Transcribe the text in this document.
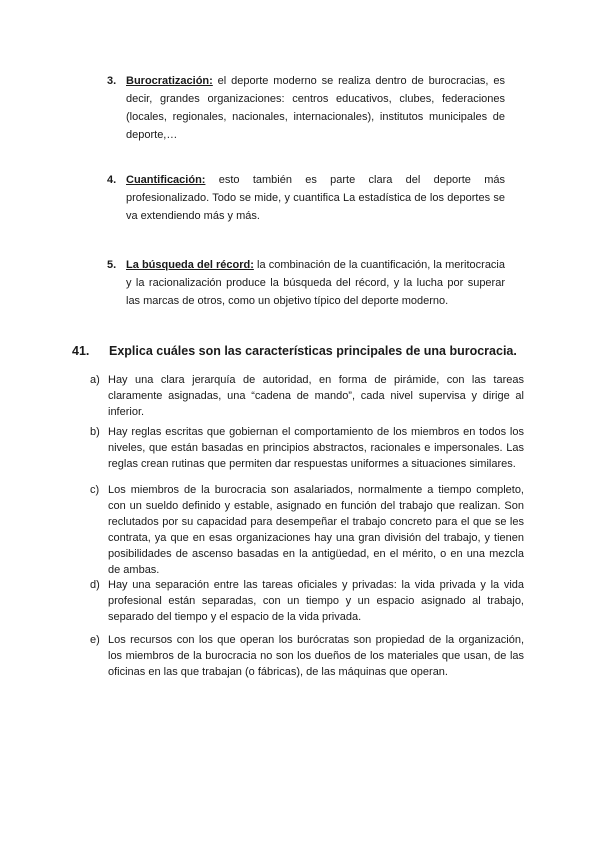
3. Burocratización: el deporte moderno se realiza dentro de burocracias, es decir, grandes organizaciones: centros educativos, clubes, federaciones (locales, regionales, nacionales, internacionales), institutos municipales de deporte,…
4. Cuantificación: esto también es parte clara del deporte más profesionalizado. Todo se mide, y cuantifica La estadística de los deportes se va extendiendo más y más.
5. La búsqueda del récord: la combinación de la cuantificación, la meritocracia y la racionalización produce la búsqueda del récord, y la lucha por superar las marcas de otros, como un objetivo típico del deporte moderno.
41. Explica cuáles son las características principales de una burocracia.
a) Hay una clara jerarquía de autoridad, en forma de pirámide, con las tareas claramente asignadas, una “cadena de mando”, cada nivel supervisa y dirige al inferior.
b) Hay reglas escritas que gobiernan el comportamiento de los miembros en todos los niveles, que están basadas en principios abstractos, racionales e impersonales. Las reglas crean rutinas que permiten dar respuestas uniformes a situaciones similares.
c) Los miembros de la burocracia son asalariados, normalmente a tiempo completo, con un sueldo definido y estable, asignado en función del trabajo que realizan. Son reclutados por su capacidad para desempeñar el trabajo concreto para el que se les contrata, ya que en esas organizaciones hay una gran división del trabajo, y tienen posibilidades de ascenso basadas en la antigüedad, en el mérito, o en una mezcla de ambas.
d) Hay una separación entre las tareas oficiales y privadas: la vida privada y la vida profesional están separadas, con un tiempo y un espacio asignado al trabajo, separado del tiempo y el espacio de la vida privada.
e) Los recursos con los que operan los burócratas son propiedad de la organización, los miembros de la burocracia no son los dueños de los materiales que usan, de las oficinas en las que trabajan (o fábricas), de las máquinas que operan.
